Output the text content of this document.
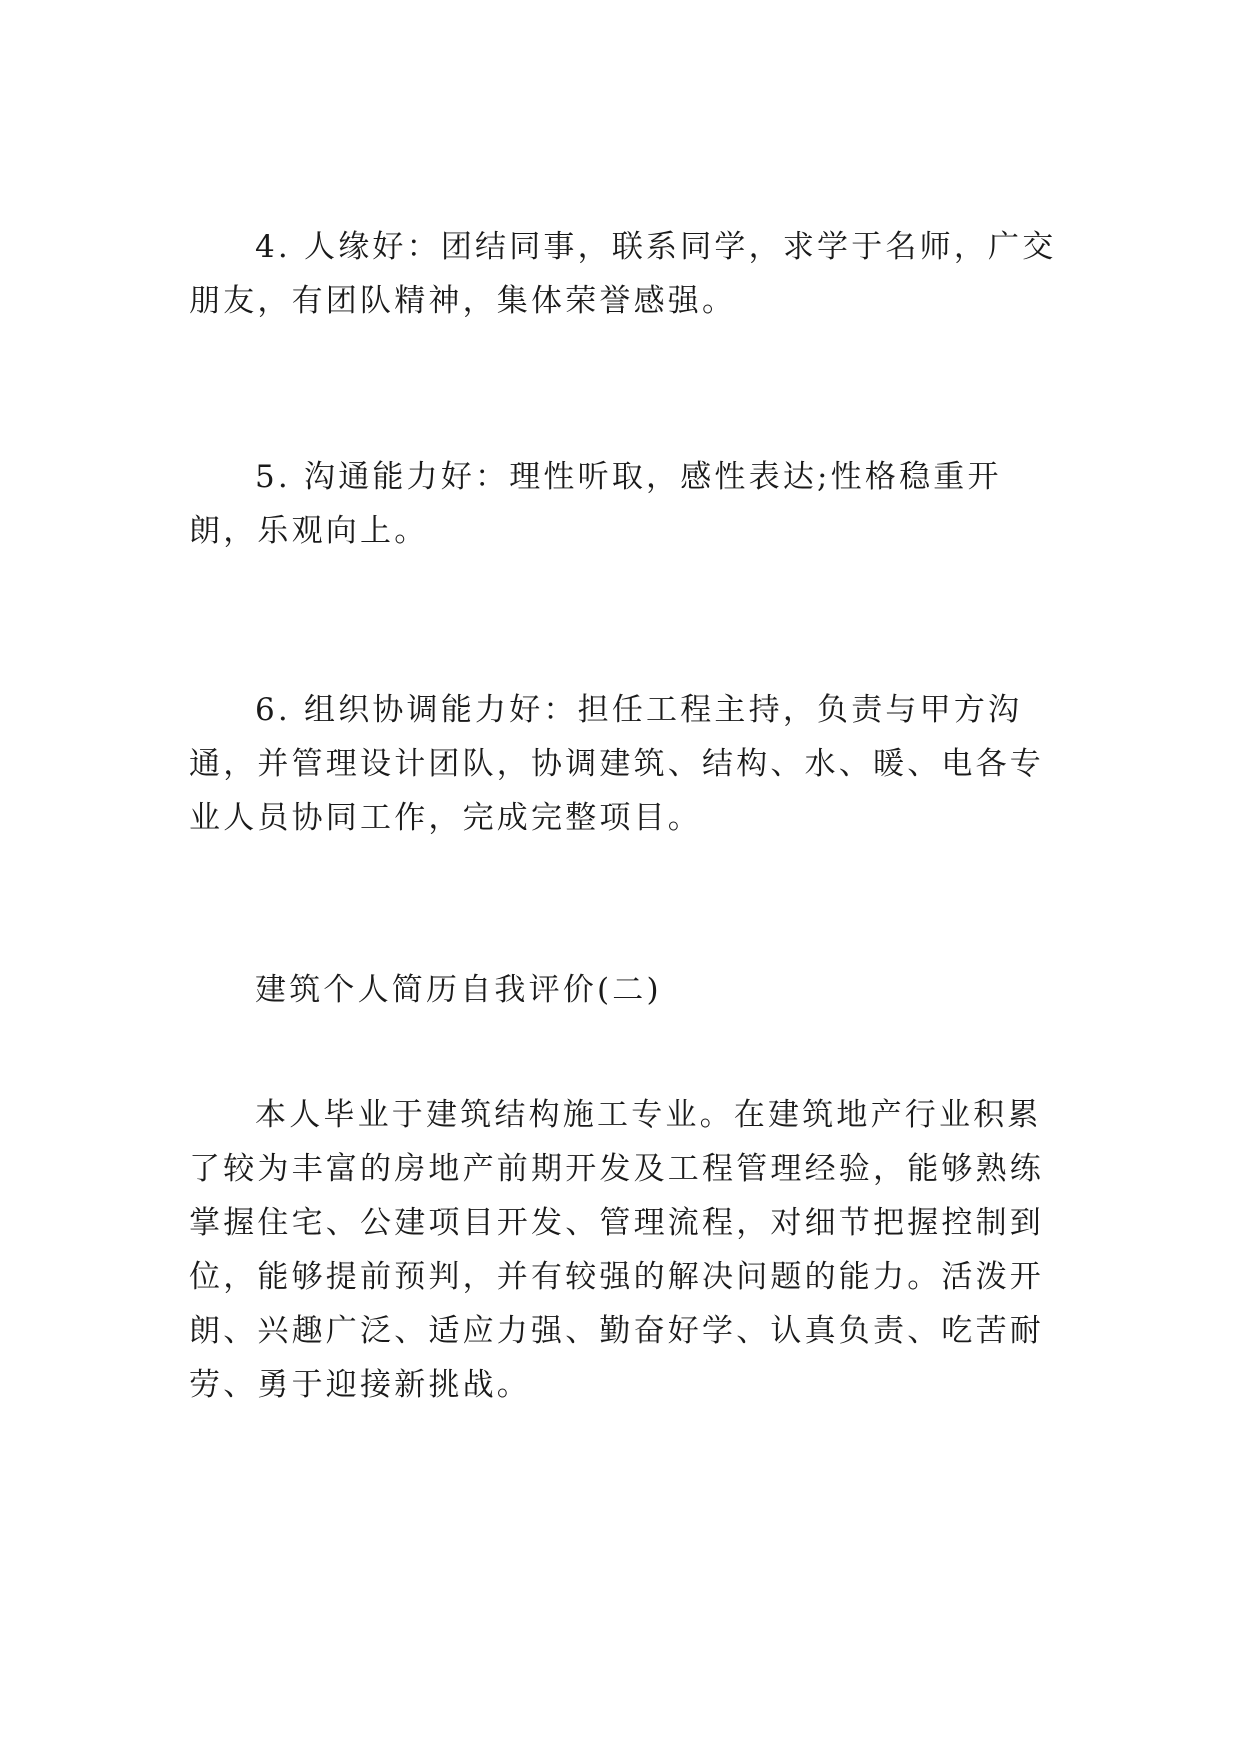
4. 人缘好：团结同事，联系同学，求学于名师，广交朋友，有团队精神，集体荣誉感强。

5. 沟通能力好：理性听取，感性表达;性格稳重开朗，乐观向上。

6. 组织协调能力好：担任工程主持，负责与甲方沟通，并管理设计团队，协调建筑、结构、水、暖、电各专业人员协同工作，完成完整项目。

建筑个人简历自我评价(二)

本人毕业于建筑结构施工专业。在建筑地产行业积累了较为丰富的房地产前期开发及工程管理经验，能够熟练掌握住宅、公建项目开发、管理流程，对细节把握控制到位，能够提前预判，并有较强的解决问题的能力。活泼开朗、兴趣广泛、适应力强、勤奋好学、认真负责、吃苦耐劳、勇于迎接新挑战。
